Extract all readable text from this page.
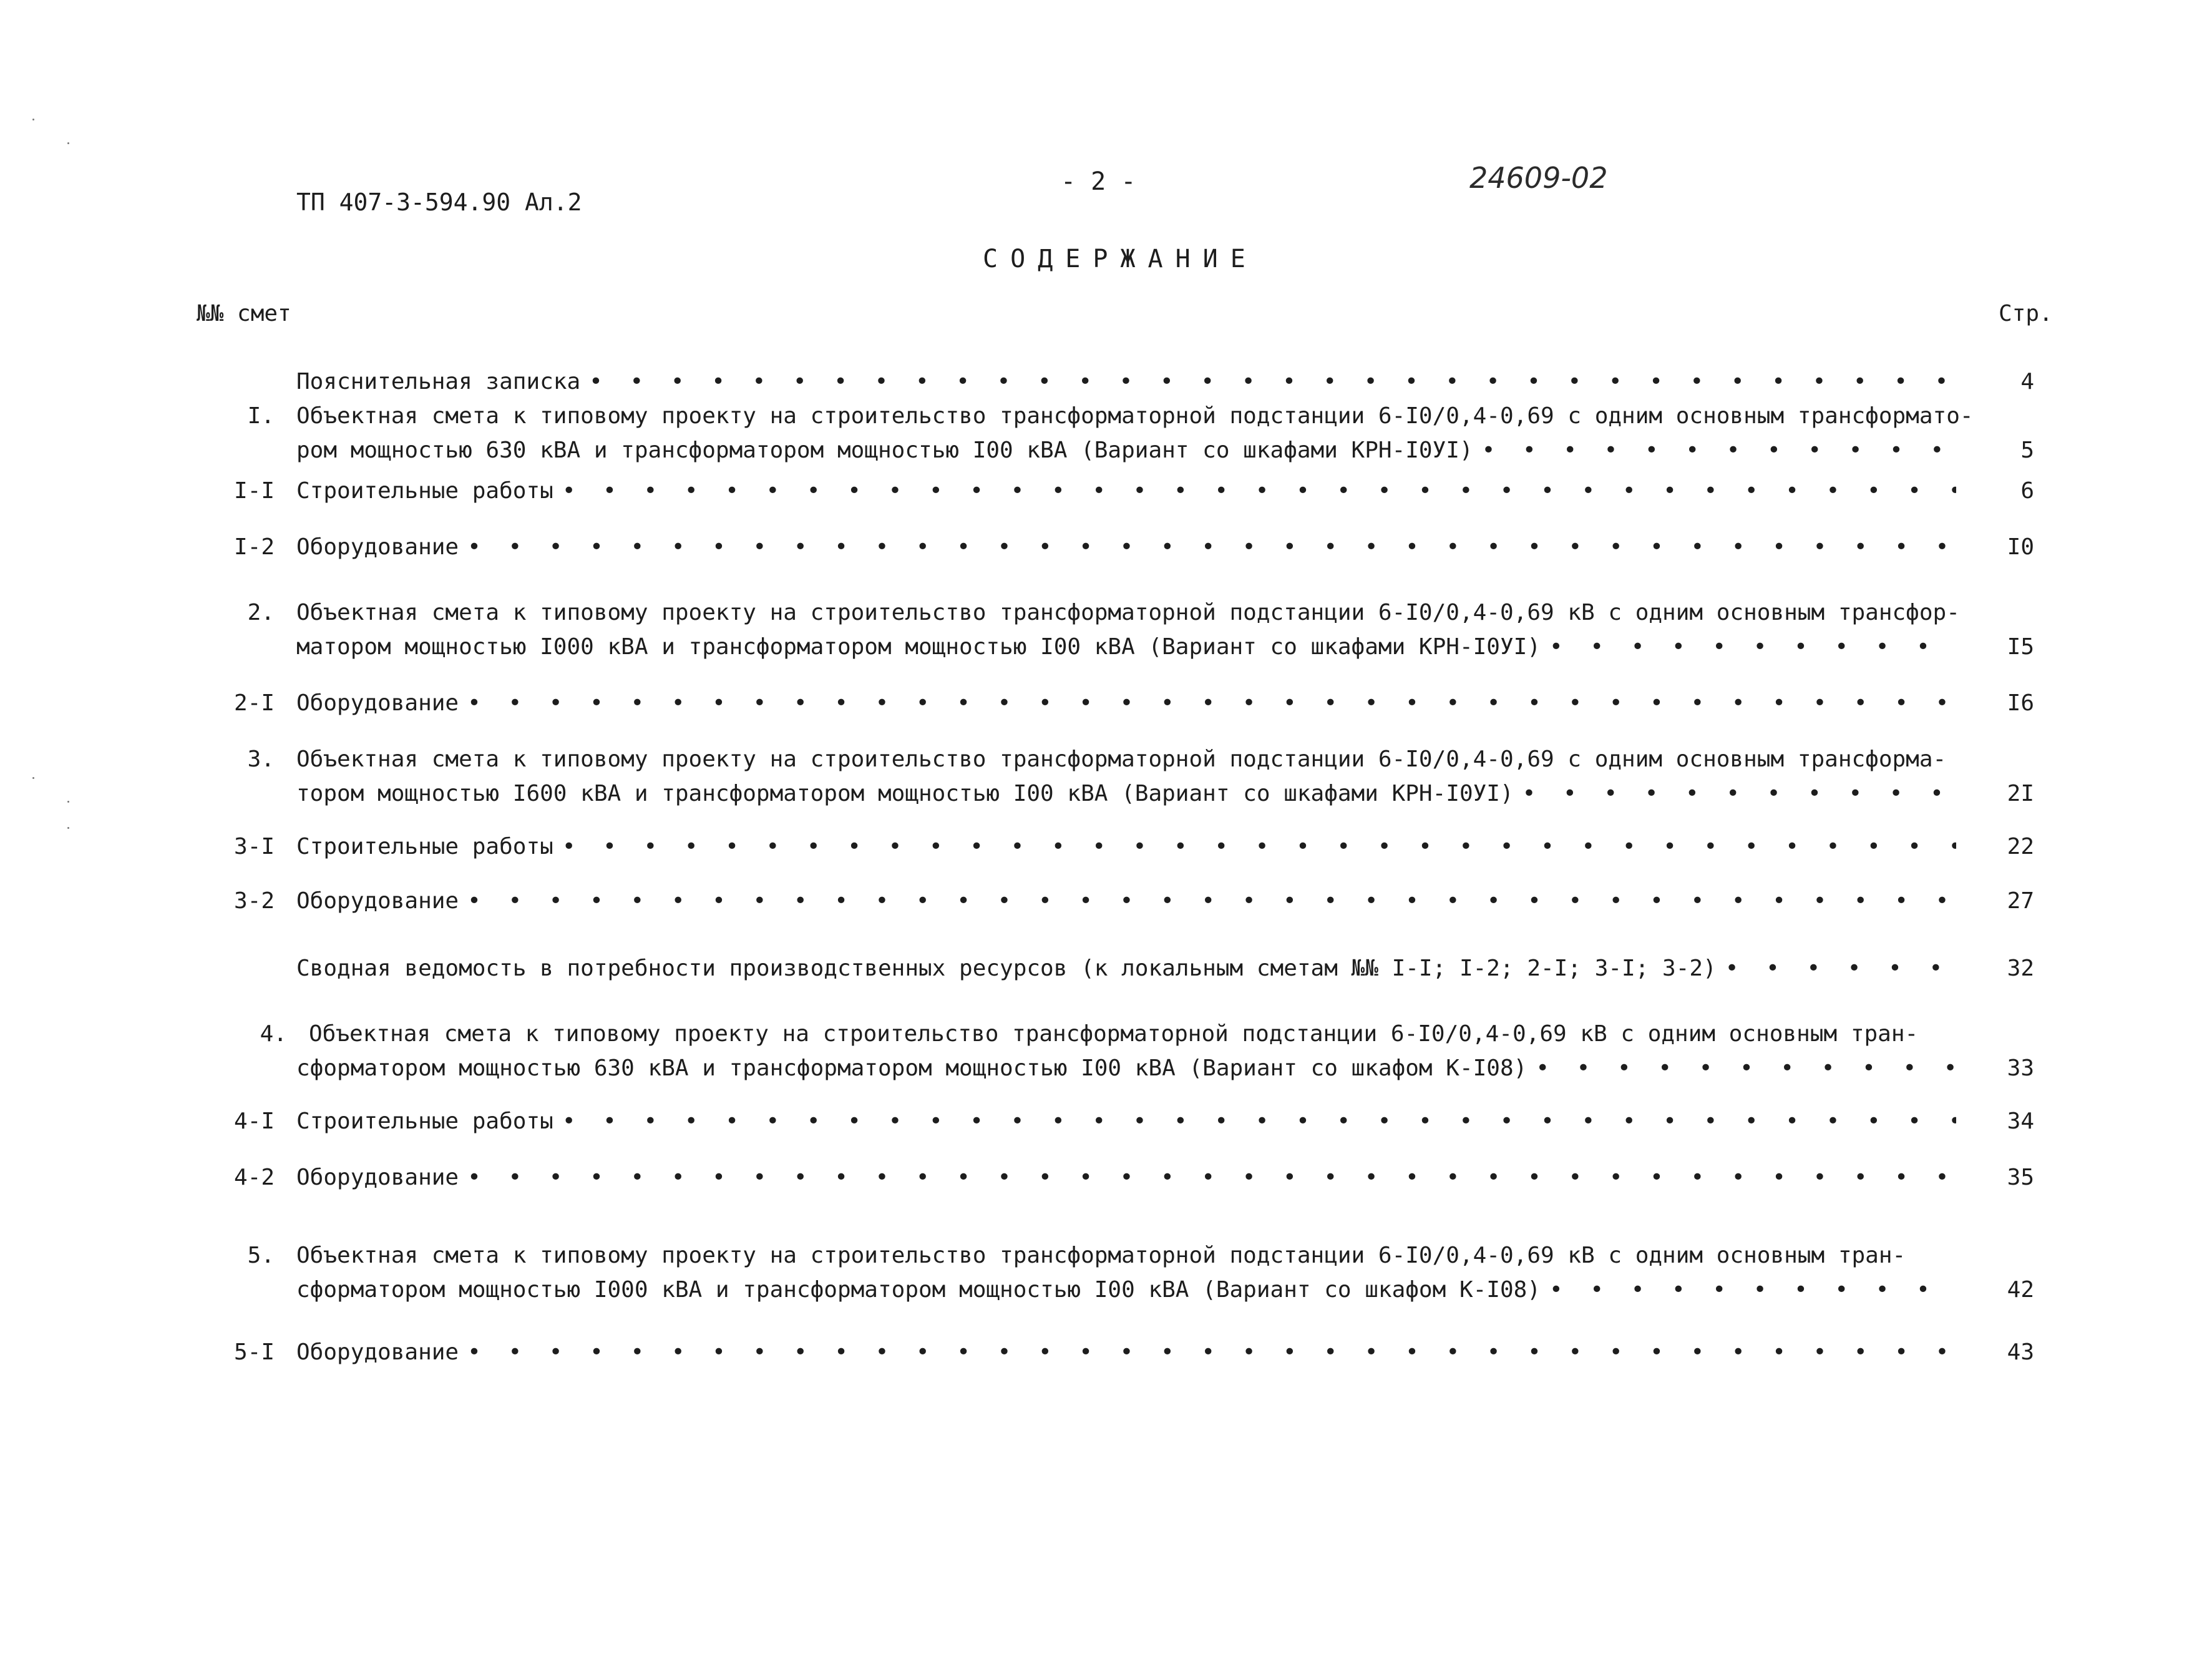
ТП 407-3-594.90 Ал.2
- 2 -	24609-02
СОДЕРЖАНИЕ
№№ смет	Стр.
Пояснительная записка • • •	4
I. Объектная смета к типовому проекту на строительство трансформаторной подстанции 6-I0/0,4-0,69 с одним основным трансформато-
ром мощностью 630 кВА и трансформатором мощностью I00 кВА (Вариант со шкафами КРН-I0УI) • • •	5
I-I Строительные работы • • •	6
I-2 Оборудование • • •	I0
2. Объектная смета к типовому проекту на строительство трансформаторной подстанции 6-I0/0,4-0,69 кВ с одним основным трансфор-
матором мощностью I000 кВА и трансформатором мощностью I00 кВА (Вариант со шкафами КРН-I0УI) • • •	I5
2-I Оборудование • • •	I6
3. Объектная смета к типовому проекту на строительство трансформаторной подстанции 6-I0/0,4-0,69 с одним основным трансформа-
тором мощностью I600 кВА и трансформатором мощностью I00 кВА (Вариант со шкафами КРН-I0УI) • • •	2I
3-I Строительные работы • • •	22
3-2 Оборудование • • •	27
Сводная ведомость в потребности производственных ресурсов (к локальным сметам №№ I-I; I-2; 2-I; 3-I; 3-2) • • •	32
4. Объектная смета к типовому проекту на строительство трансформаторной подстанции 6-I0/0,4-0,69 кВ с одним основным тран-
сформатором мощностью 630 кВА и трансформатором мощностью I00 кВА (Вариант со шкафом К-I08) • • •	33
4-I Строительные работы • • •	34
4-2 Оборудование • • •	35
5. Объектная смета к типовому проекту на строительство трансформаторной подстанции 6-I0/0,4-0,69 кВ с одним основным тран-
сформатором мощностью I000 кВА и трансформатором мощностью I00 кВА (Вариант со шкафом К-I08) • • •	42
5-I Оборудование • • •	43
